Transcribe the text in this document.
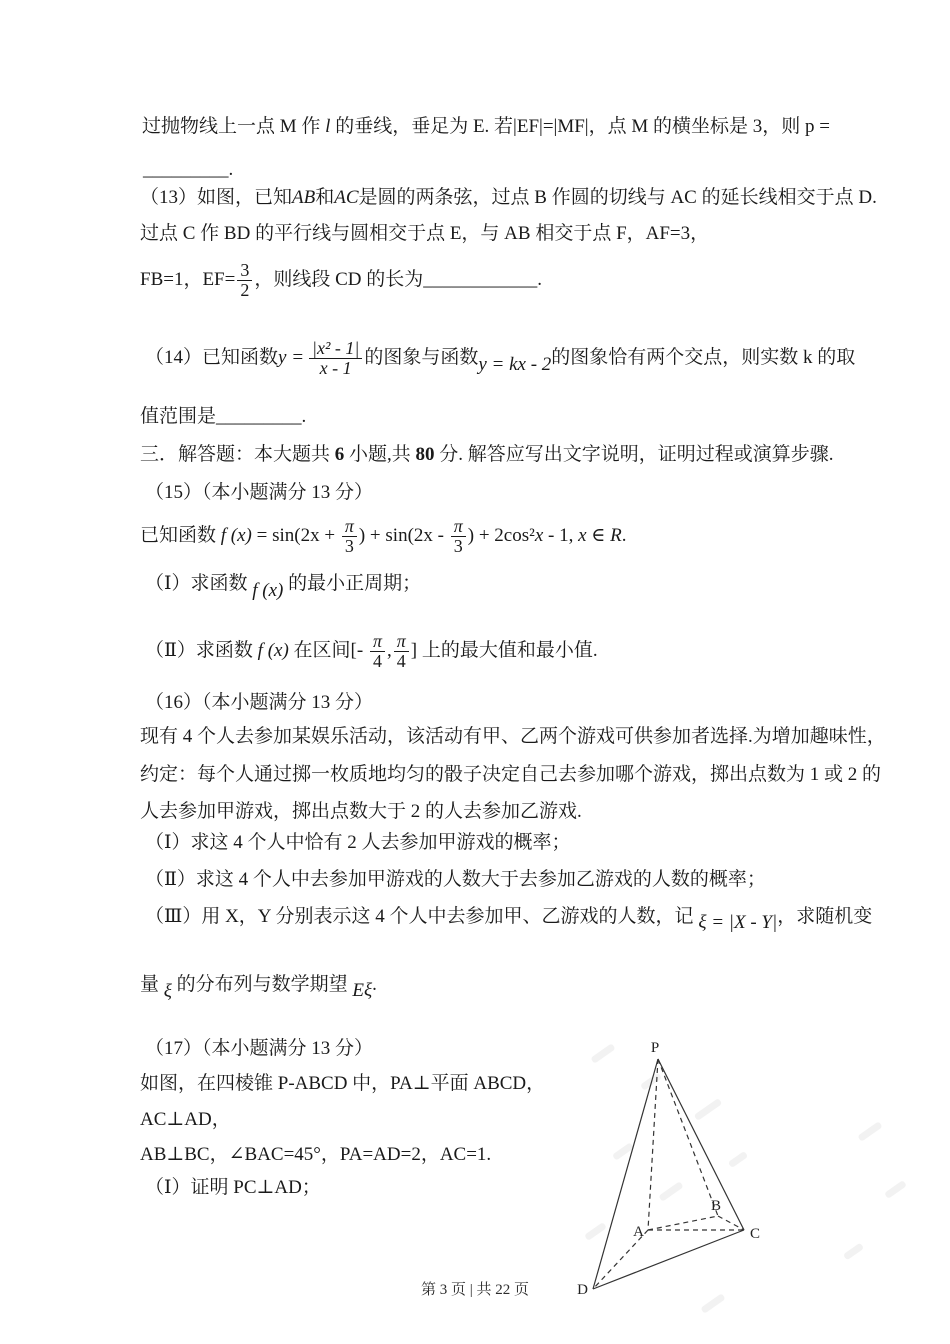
过抛物线上一点 M 作 l 的垂线，垂足为 E. 若|EF|=|MF|，点 M 的横坐标是 3，则 p =
_________.
（13）如图，已知 AB 和 AC 是圆的两条弦，过点 B 作圆的切线与 AC 的延长线相交于点 D.
过点 C 作 BD 的平行线与圆相交于点 E，与 AB 相交于点 F，AF=3，
FB=1，$EF= \frac{3}{2}$ ，则线段 CD 的长为 ____________ .
（14）已知函数 $y = \frac{\text{|x² - 1|}}{x - 1}$ 的图象与函数 y = kx - 2 的图象恰有两个交点，则实数 k 的取
值范围是 _________.
三．解答题：本大题共 6 小题,共 80 分. 解答应写出文字说明，证明过程或演算步骤.
（15）（本小题满分 13 分）
已知函数 f $(x) = \sin(2x + \frac{\pi}{3}$ ) + $\sin(2x - \frac{\pi}{3}$ ) + 2cos² x - 1, x ∈ R .
（Ⅰ）求函数 f (x) 的最小正周期；
（Ⅱ）求函数 f (x) 在区间[- $\frac{\pi}{4}$ , $\frac{\pi}{4}$ ] 上的最大值和最小值.
（16）（本小题满分 13 分）
现有 4 个人去参加某娱乐活动，该活动有甲、乙两个游戏可供参加者选择.为增加趣味性，
约定：每个人通过掷一枚质地均匀的骰子决定自己去参加哪个游戏，掷出点数为 1 或 2 的
人去参加甲游戏，掷出点数大于 2 的人去参加乙游戏.
（Ⅰ）求这 4 个人中恰有 2 人去参加甲游戏的概率；
（Ⅱ）求这 4 个人中去参加甲游戏的人数大于去参加乙游戏的人数的概率；
（Ⅲ）用 X，Y 分别表示这 4 个人中去参加甲、乙游戏的人数，记 ξ = |X - Y| ，求随机变
量 ξ 的分布列与数学期望 Eξ .
（17）（本小题满分 13 分）
如图，在四棱锥 P-ABCD 中，PA⊥平面 ABCD，
AC⊥AD，
AB⊥BC，∠BAC=45°，PA=AD=2，AC=1.
（Ⅰ）证明 PC⊥AD；
P
A
B
C
D
第 3 页 | 共 22 页
